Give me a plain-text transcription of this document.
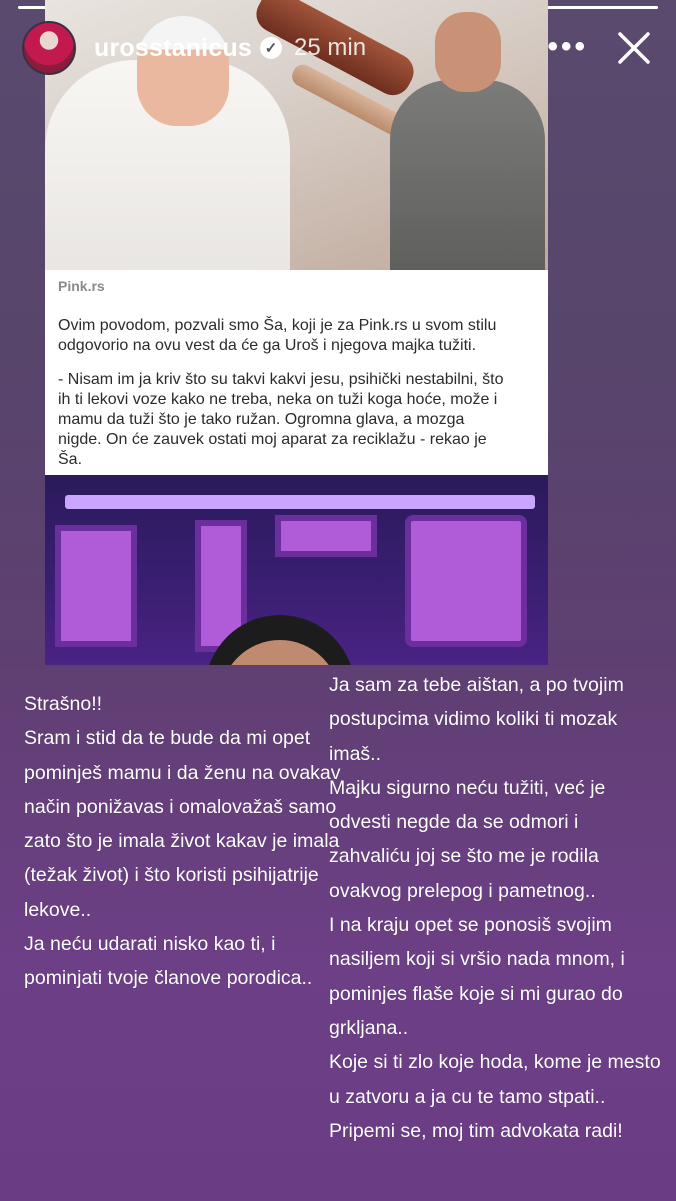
Pink.rs
Ovim povodom, pozvali smo Ša, koji je za Pink.rs u svom stilu
odgovorio na ovu vest da će ga Uroš i njegova majka tužiti.
- Nisam im ja kriv što su takvi kakvi jesu, psihički nestabilni, što
ih ti lekovi voze kako ne treba, neka on tuži koga hoće, može i
mamu da tuži što je tako ružan. Ogromna glava, a mozga
nigde. On će zauvek ostati moj aparat za reciklažu - rekao je
Ša.
urosstanicus ✓ 25 min	•••
Strašno!!
Sram i stid da te bude da mi opet
pominješ mamu i da ženu na ovakav
način ponižavas i omalovažaš samo
zato što je imala život kakav je imala
(težak život) i što koristi psihijatrije
lekove..
Ja neću udarati nisko kao ti, i
pominjati tvoje članove porodica..
Ja sam za tebe aištan, a po tvojim
postupcima vidimo koliki ti mozak
imaš..
Majku sigurno neću tužiti, već je
odvesti negde da se odmori i
zahvaliću joj se što me je rodila
ovakvog prelepog i pametnog..
I na kraju opet se ponosiš svojim
nasiljem koji si vršio nada mnom, i
pominjes flaše koje si mi gurao do
grkljana..
Koje si ti zlo koje hoda, kome je mesto
u zatvoru a ja cu te tamo stpati..
Pripemi se, moj tim advokata radi!
